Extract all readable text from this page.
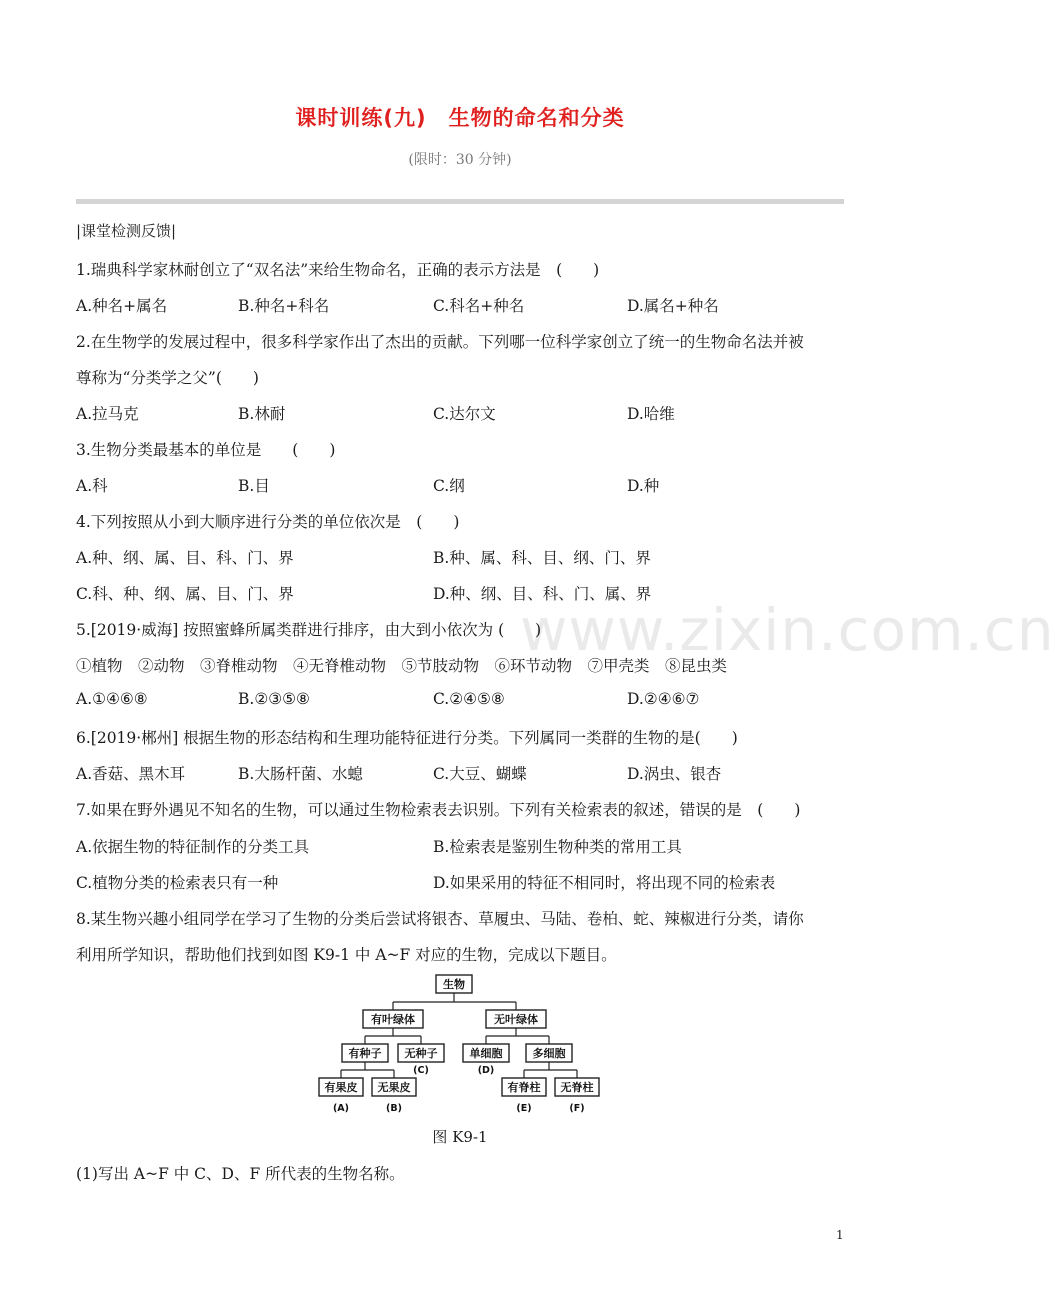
课时训练(九)　生物的命名和分类
(限时：30 分钟)
|课堂检测反馈|
www.zixin.com.cn
1.瑞典科学家林耐创立了“双名法”来给生物命名，正确的表示方法是　(　　)
A.种名+属名	B.种名+科名	C.科名+种名	D.属名+种名
2.在生物学的发展过程中，很多科学家作出了杰出的贡献。下列哪一位科学家创立了统一的生物命名法并被
尊称为“分类学之父”(　　)
A.拉马克	B.林耐	C.达尔文	D.哈维
3.生物分类最基本的单位是　　(　　)
A.科	B.目	C.纲	D.种
4.下列按照从小到大顺序进行分类的单位依次是　(　　)
A.种、纲、属、目、科、门、界	B.种、属、科、目、纲、门、界
C.科、种、纲、属、目、门、界	D.种、纲、目、科、门、属、界
5.[2019·威海] 按照蜜蜂所属类群进行排序，由大到小依次为 (　　)
①植物　②动物　③脊椎动物　④无脊椎动物　⑤节肢动物　⑥环节动物　⑦甲壳类　⑧昆虫类
A.①④⑥⑧	B.②③⑤⑧	C.②④⑤⑧	D.②④⑥⑦
6.[2019·郴州] 根据生物的形态结构和生理功能特征进行分类。下列属同一类群的生物的是(　　)
A.香菇、黑木耳	B.大肠杆菌、水螅	C.大豆、蝴蝶	D.涡虫、银杏
7.如果在野外遇见不知名的生物，可以通过生物检索表去识别。下列有关检索表的叙述，错误的是　(　　)
A.依据生物的特征制作的分类工具	B.检索表是鉴别生物种类的常用工具
C.植物分类的检索表只有一种	D.如果采用的特征不相同时，将出现不同的检索表
8.某生物兴趣小组同学在学习了生物的分类后尝试将银杏、草履虫、马陆、卷柏、蛇、辣椒进行分类，请你
利用所学知识，帮助他们找到如图 K9-1 中 A~F 对应的生物，完成以下题目。
生物
有叶绿体	无叶绿体
有种子 无种子	单细胞	多细胞
有果皮 无果皮	有脊柱 无脊柱
(C)	(D)
(A)	(B)	(E)	(F)
图 K9-1
(1)写出 A~F 中 C、D、F 所代表的生物名称。
1
